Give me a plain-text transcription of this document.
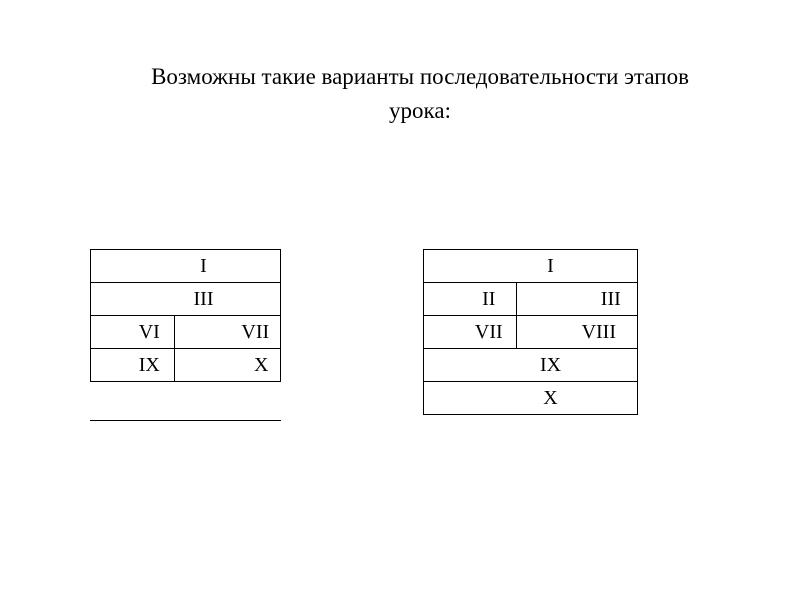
Возможны такие варианты последовательности этапов
урока:
I	
III	
VI	VII
IX	X
I	
II	III
VII	VIII
IX	
X	
